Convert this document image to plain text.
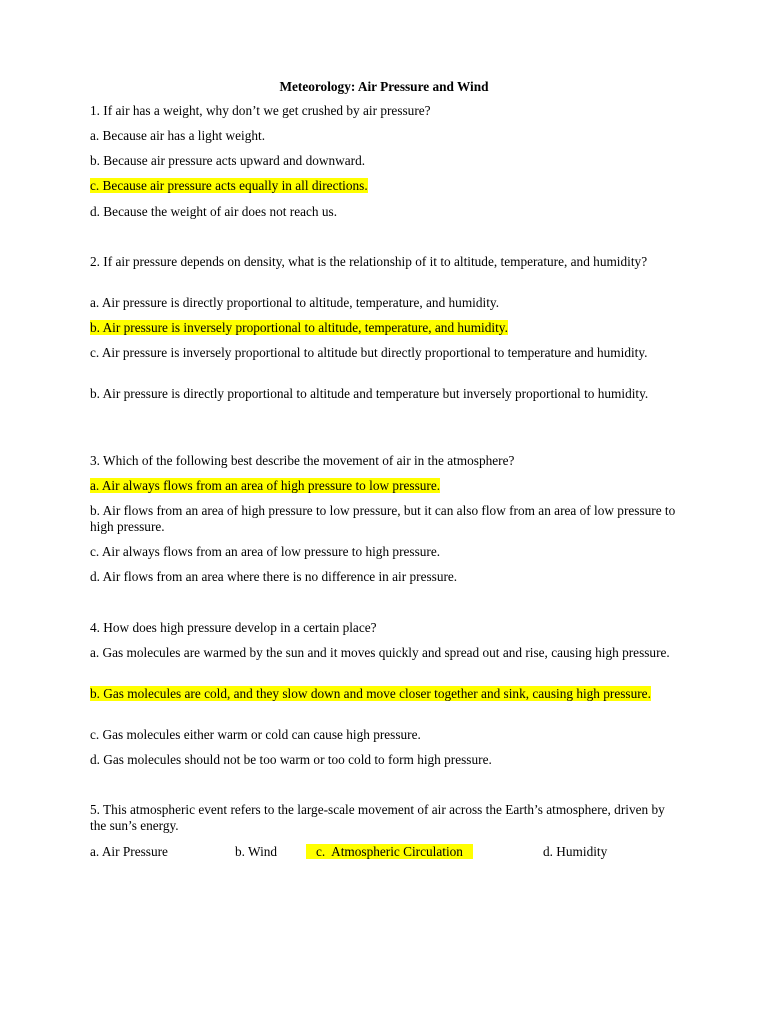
Meteorology: Air Pressure and Wind

1. If air has a weight, why don’t we get crushed by air pressure?

a. Because air has a light weight.

b. Because air pressure acts upward and downward.

c. Because air pressure acts equally in all directions.

d. Because the weight of air does not reach us.

2. If air pressure depends on density, what is the relationship of it to altitude, temperature, and humidity?

a. Air pressure is directly proportional to altitude, temperature, and humidity.

b. Air pressure is inversely proportional to altitude, temperature, and humidity.

c. Air pressure is inversely proportional to altitude but directly proportional to temperature and humidity.

b. Air pressure is directly proportional to altitude and temperature but inversely proportional to humidity.

3. Which of the following best describe the movement of air in the atmosphere?

a. Air always flows from an area of high pressure to low pressure.

b. Air flows from an area of high pressure to low pressure, but it can also flow from an area of low pressure to high pressure.

c. Air always flows from an area of low pressure to high pressure.

d. Air flows from an area where there is no difference in air pressure.

4. How does high pressure develop in a certain place?

a. Gas molecules are warmed by the sun and it moves quickly and spread out and rise, causing high pressure.

b. Gas molecules are cold, and they slow down and move closer together and sink, causing high pressure.

c. Gas molecules either warm or cold can cause high pressure.

d. Gas molecules should not be too warm or too cold to form high pressure.

5. This atmospheric event refers to the large-scale movement of air across the Earth’s atmosphere, driven by the sun’s energy.

a. Air Pressure	b. Wind c.  Atmospheric Circulation	d. Humidity
